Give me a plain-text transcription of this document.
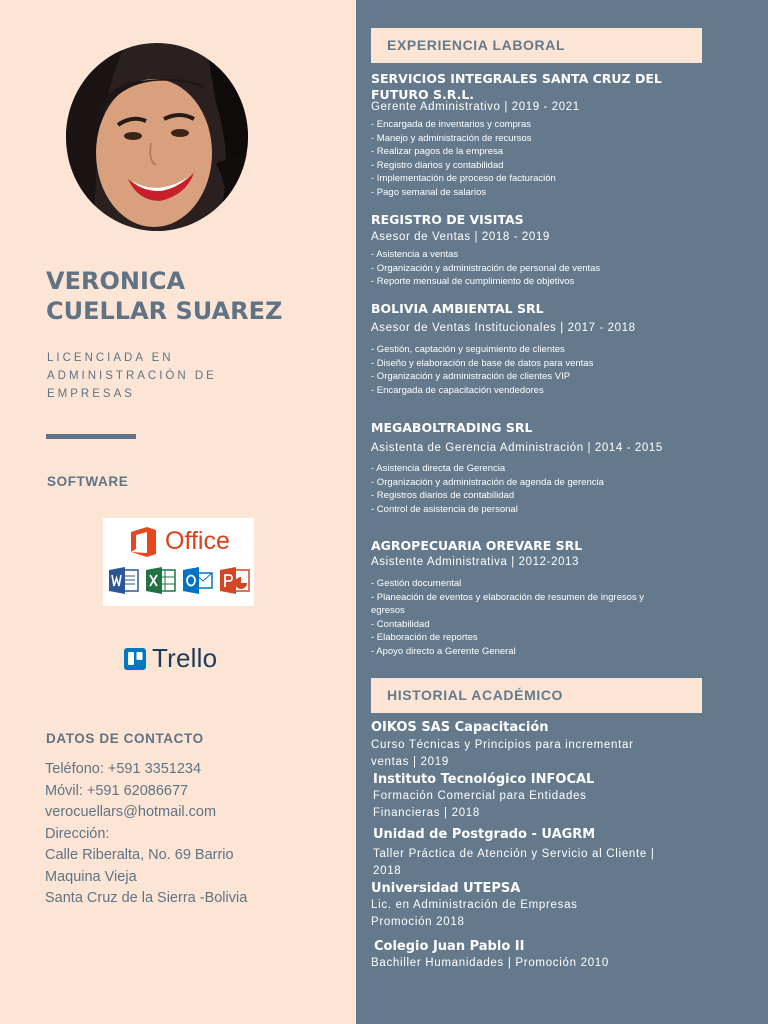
VERONICA
CUELLAR SUAREZ
LICENCIADA EN
ADMINISTRACIÓN DE
EMPRESAS
SOFTWARE
Office
Trello
DATOS DE CONTACTO
Teléfono: +591 3351234
Móvil: +591 62086677
verocuellars@hotmail.com
Dirección:
Calle Riberalta, No. 69 Barrio
Maquina Vieja
Santa Cruz de la Sierra -Bolivia
EXPERIENCIA LABORAL
SERVICIOS INTEGRALES SANTA CRUZ DEL
FUTURO S.R.L.
Gerente Administrativo | 2019 - 2021
- Encargada de inventarios y compras
- Manejo y administración de recursos
- Realizar pagos de la empresa
- Registro diarios y contabilidad
- Implementación de proceso de facturación
- Pago semanal de salarios
REGISTRO DE VISITAS
Asesor de Ventas | 2018 - 2019
- Asistencia a ventas
- Organización y administración de personal de ventas
- Reporte mensual de cumplimiento de objetivos
BOLIVIA AMBIENTAL SRL
Asesor de Ventas Institucionales | 2017 - 2018
- Gestión, captación y seguimiento de clientes
- Diseño y elaboración de base de datos para ventas
- Organización y administración de clientes VIP
- Encargada de capacitación vendedores
MEGABOLTRADING SRL
Asistenta de Gerencia Administración | 2014 - 2015
- Asistencia directa de Gerencia
- Organización y administración de agenda de gerencia
- Registros diarios de contabilidad
- Control de asistencia de personal
AGROPECUARIA OREVARE SRL
Asistente Administrativa | 2012-2013
- Gestión documental
- Planeación de eventos y elaboración de resumen de ingresos y
egresos
- Contabilidad
- Elaboración de reportes
- Apoyo directo a Gerente General
HISTORIAL ACADÉMICO
OIKOS SAS Capacitación
Curso Técnicas y Principios para incrementar
ventas | 2019
Instituto Tecnológico INFOCAL
Formación Comercial para Entidades
Financieras | 2018
Unidad de Postgrado - UAGRM
Taller Práctica de Atención y Servicio al Cliente |
2018
Universidad UTEPSA
Lic. en Administración de Empresas
Promoción 2018
Colegio Juan Pablo II
Bachiller Humanidades | Promoción 2010
